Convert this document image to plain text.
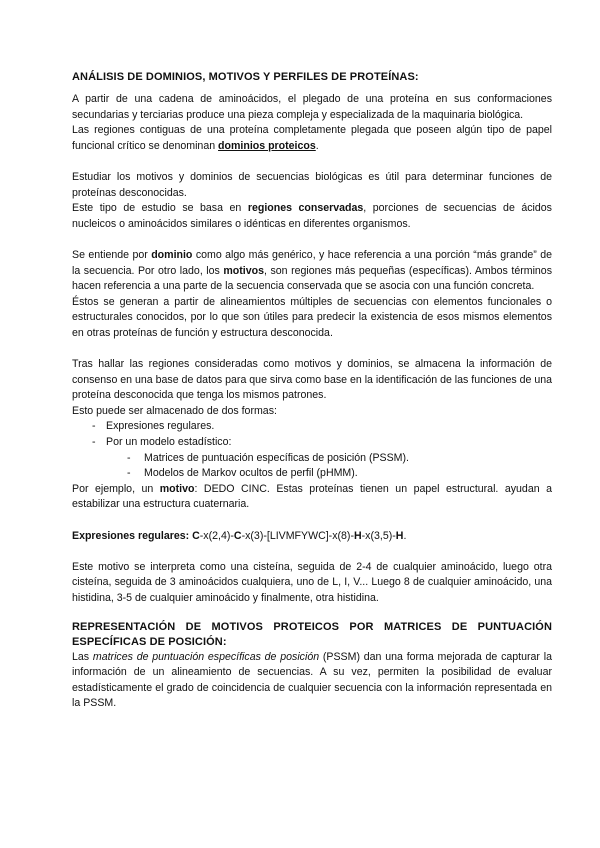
ANÁLISIS DE DOMINIOS, MOTIVOS Y PERFILES DE PROTEÍNAS:

A partir de una cadena de aminoácidos, el plegado de una proteína en sus conformaciones secundarias y terciarias produce una pieza compleja y especializada de la maquinaria biológica.

Las regiones contiguas de una proteína completamente plegada que poseen algún tipo de papel funcional crítico se denominan dominios proteicos.

Estudiar los motivos y dominios de secuencias biológicas es útil para determinar funciones de proteínas desconocidas.

Este tipo de estudio se basa en regiones conservadas, porciones de secuencias de ácidos nucleicos o aminoácidos similares o idénticas en diferentes organismos.

Se entiende por dominio como algo más genérico, y hace referencia a una porción “más grande” de la secuencia. Por otro lado, los motivos, son regiones más pequeñas (específicas). Ambos términos hacen referencia a una parte de la secuencia conservada que se asocia con una función concreta.

Éstos se generan a partir de alineamientos múltiples de secuencias con elementos funcionales o estructurales conocidos, por lo que son útiles para predecir la existencia de esos mismos elementos en otras proteínas de función y estructura desconocida.

Tras hallar las regiones consideradas como motivos y dominios, se almacena la información de consenso en una base de datos para que sirva como base en la identificación de las funciones de una proteína desconocida que tenga los mismos patrones.

Esto puede ser almacenado de dos formas:

- Expresiones regulares.
- Por un modelo estadístico:
- Matrices de puntuación específicas de posición (PSSM).
- Modelos de Markov ocultos de perfil (pHMM).

Por ejemplo, un motivo: DEDO CINC. Estas proteínas tienen un papel estructural. ayudan a estabilizar una estructura cuaternaria.

Expresiones regulares: C-x(2,4)-C-x(3)-[LIVMFYWC]-x(8)-H-x(3,5)-H.

Este motivo se interpreta como una cisteína, seguida de 2-4 de cualquier aminoácido, luego otra cisteína, seguida de 3 aminoácidos cualquiera, uno de L, I, V... Luego 8 de cualquier aminoácido, una histidina, 3-5 de cualquier aminoácido y finalmente, otra histidina.

REPRESENTACIÓN DE MOTIVOS PROTEICOS POR MATRICES DE PUNTUACIÓN ESPECÍFICAS DE POSICIÓN:

Las matrices de puntuación específicas de posición (PSSM) dan una forma mejorada de capturar la información de un alineamiento de secuencias. A su vez, permiten la posibilidad de evaluar estadísticamente el grado de coincidencia de cualquier secuencia con la información representada en la PSSM.
